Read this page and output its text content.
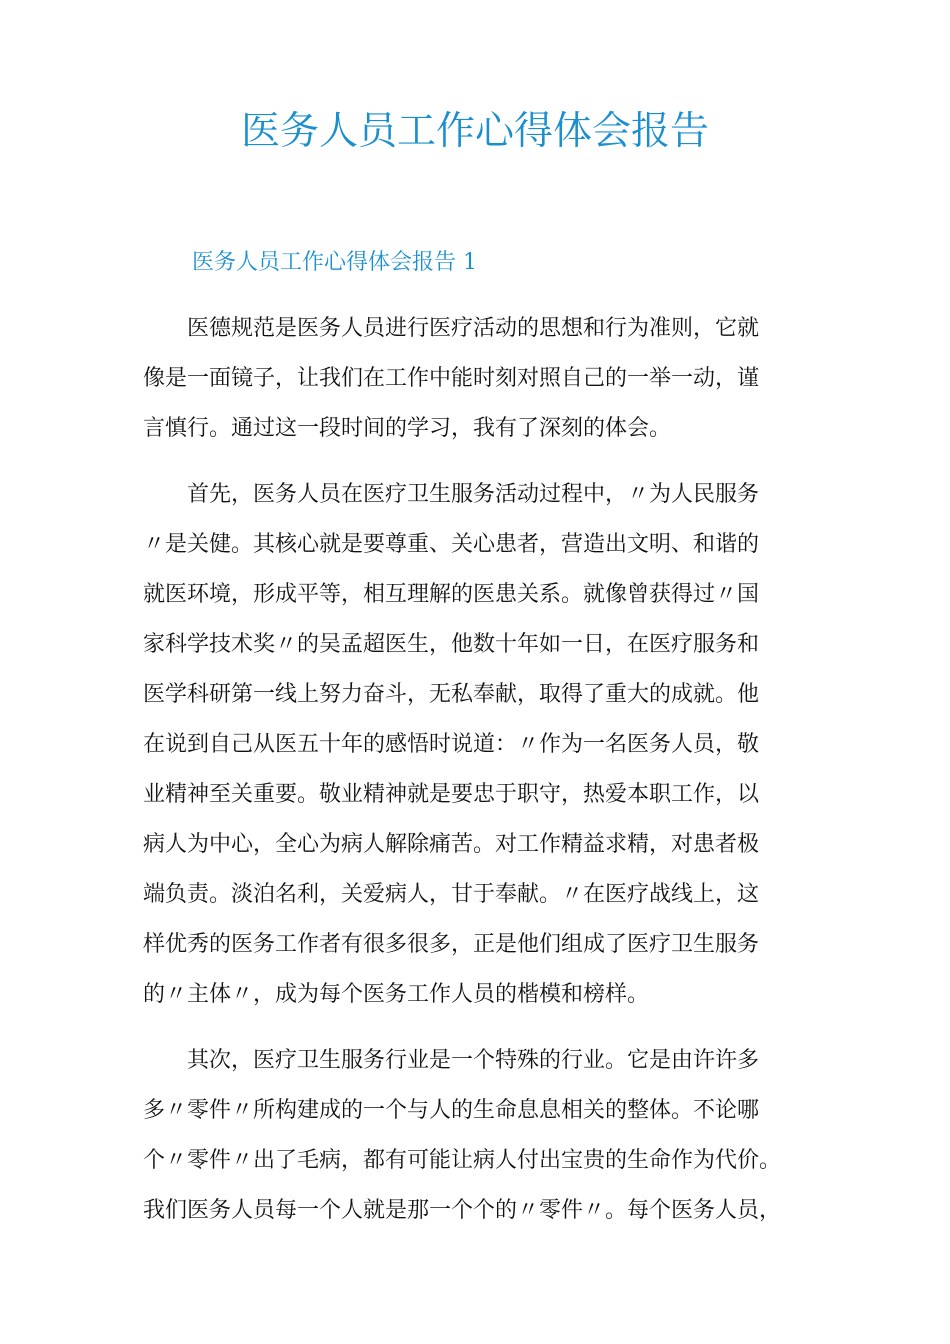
医务人员工作心得体会报告
医务人员工作心得体会报告 1
　　医德规范是医务人员进行医疗活动的思想和行为准则，它就
像是一面镜子，让我们在工作中能时刻对照自己的一举一动，谨
言慎行。通过这一段时间的学习，我有了深刻的体会。
　　首先，医务人员在医疗卫生服务活动过程中，〃为人民服务
〃是关健。其核心就是要尊重、关心患者，营造出文明、和谐的
就医环境，形成平等，相互理解的医患关系。就像曾获得过〃国
家科学技术奖〃的吴孟超医生，他数十年如一日，在医疗服务和
医学科研第一线上努力奋斗，无私奉献，取得了重大的成就。他
在说到自己从医五十年的感悟时说道：〃作为一名医务人员，敬
业精神至关重要。敬业精神就是要忠于职守，热爱本职工作，以
病人为中心，全心为病人解除痛苦。对工作精益求精，对患者极
端负责。淡泊名利，关爱病人，甘于奉献。〃在医疗战线上，这
样优秀的医务工作者有很多很多，正是他们组成了医疗卫生服务
的〃主体〃，成为每个医务工作人员的楷模和榜样。
　　其次，医疗卫生服务行业是一个特殊的行业。它是由许许多
多〃零件〃所构建成的一个与人的生命息息相关的整体。不论哪
个〃零件〃出了毛病，都有可能让病人付出宝贵的生命作为代价。
我们医务人员每一个人就是那一个个的〃零件〃。每个医务人员，
